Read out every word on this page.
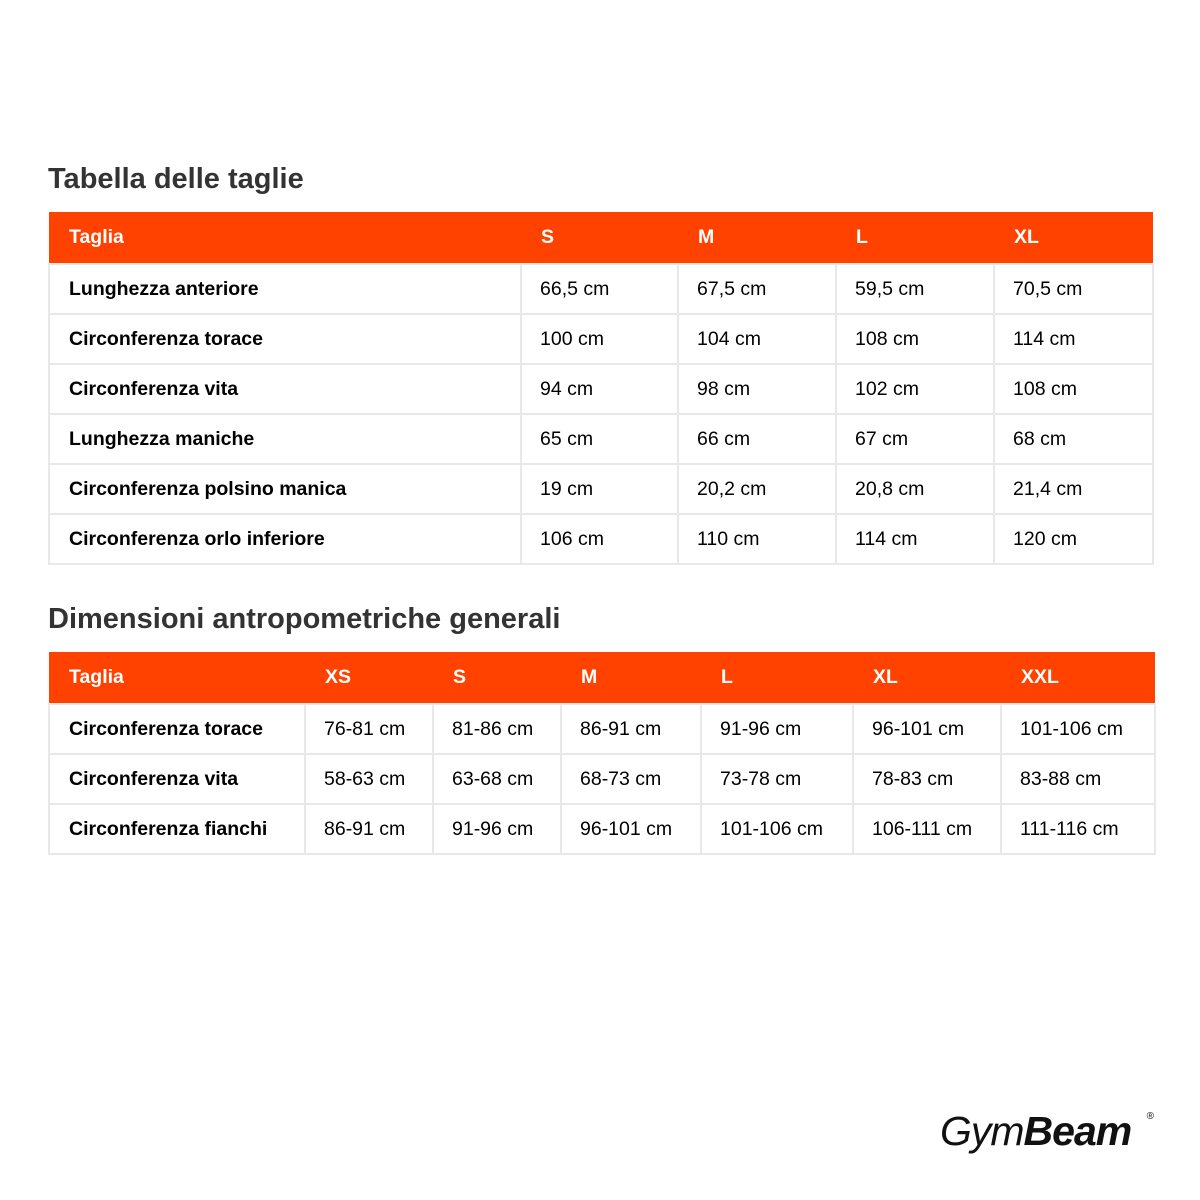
Tabella delle taglie
Taglia	S	M	L	XL
Lunghezza anteriore	66,5 cm	67,5 cm	59,5 cm	70,5 cm
Circonferenza torace	100 cm	104 cm	108 cm	114 cm
Circonferenza vita	94 cm	98 cm	102 cm	108 cm
Lunghezza maniche	65 cm	66 cm	67 cm	68 cm
Circonferenza polsino manica	19 cm	20,2 cm	20,8 cm	21,4 cm
Circonferenza orlo inferiore	106 cm	110 cm	114 cm	120 cm
Dimensioni antropometriche generali
Taglia	XS	S	M	L	XL	XXL
Circonferenza torace	76-81 cm	81-86 cm	86-91 cm	91-96 cm	96-101 cm	101-106 cm
Circonferenza vita	58-63 cm	63-68 cm	68-73 cm	73-78 cm	78-83 cm	83-88 cm
Circonferenza fianchi	86-91 cm	91-96 cm	96-101 cm	101-106 cm	106-111 cm	111-116 cm
GymBeam ®
